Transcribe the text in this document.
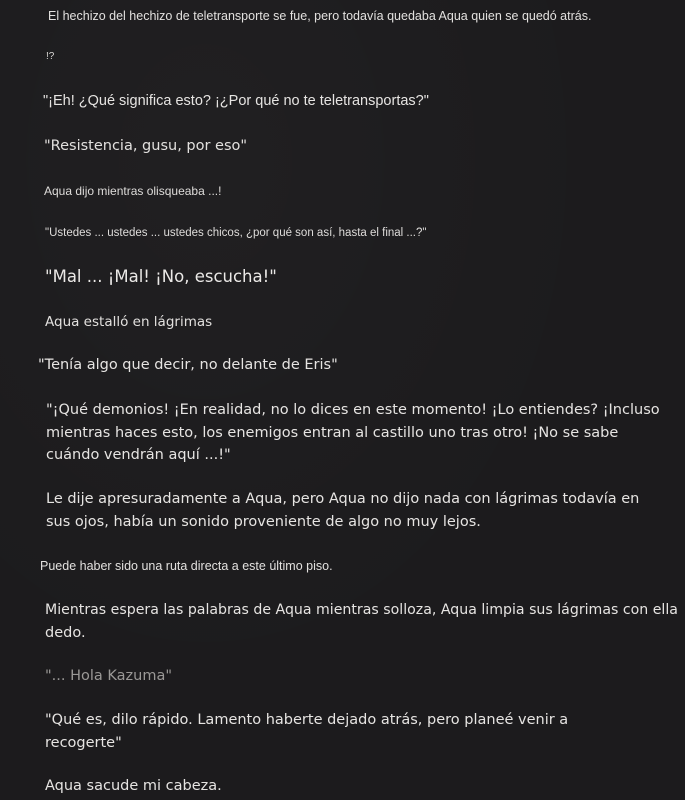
El hechizo del hechizo de teletransporte se fue, pero todavía quedaba Aqua quien se quedó atrás.

!?

"¡Eh! ¿Qué significa esto? ¡¿Por qué no te teletransportas?"

"Resistencia, gusu, por eso"

Aqua dijo mientras olisqueaba ...!

"Ustedes ... ustedes ... ustedes chicos, ¿por qué son así, hasta el final ...?"

"Mal ... ¡Mal! ¡No, escucha!"

Aqua estalló en lágrimas

"Tenía algo que decir, no delante de Eris"

"¡Qué demonios! ¡En realidad, no lo dices en este momento! ¡Lo entiendes? ¡Incluso

mientras haces esto, los enemigos entran al castillo uno tras otro! ¡No se sabe

cuándo vendrán aquí ...!"

Le dije apresuradamente a Aqua, pero Aqua no dijo nada con lágrimas todavía en

sus ojos, había un sonido proveniente de algo no muy lejos.

Puede haber sido una ruta directa a este último piso.

Mientras espera las palabras de Aqua mientras solloza, Aqua limpia sus lágrimas con ella

dedo.

"... Hola Kazuma"

"Qué es, dilo rápido. Lamento haberte dejado atrás, pero planeé venir a

recogerte"

Aqua sacude mi cabeza.
